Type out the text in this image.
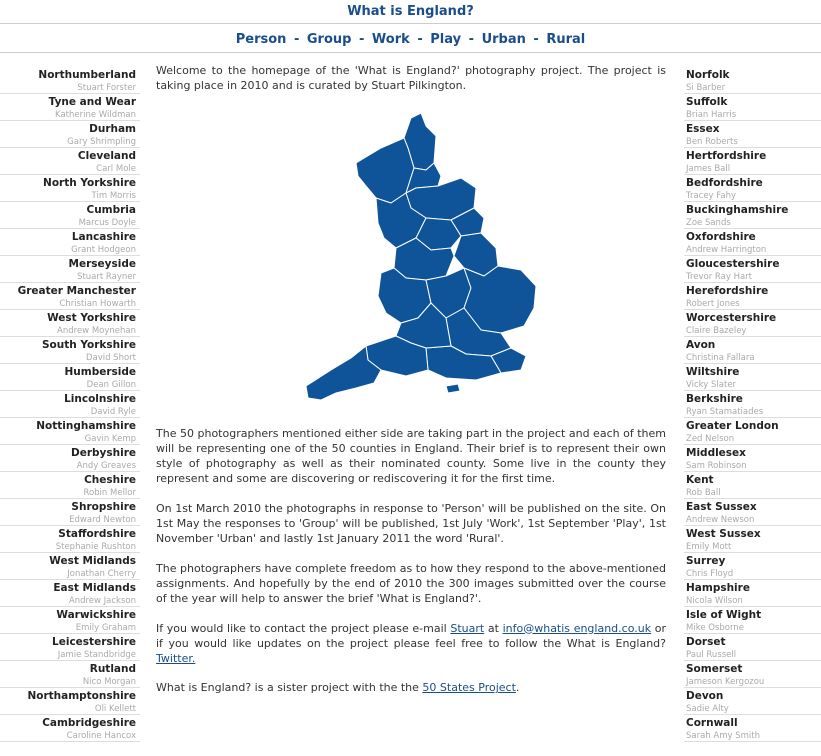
What is England?
Person - Group - Work - Play - Urban - Rural
Northumberland
Stuart Forster
Tyne and Wear
Katherine Wildman
Durham
Gary Shrimpling
Cleveland
Carl Mole
North Yorkshire
Tim Morris
Cumbria
Marcus Doyle
Lancashire
Grant Hodgeon
Merseyside
Stuart Rayner
Greater Manchester
Christian Howarth
West Yorkshire
Andrew Moynehan
South Yorkshire
David Short
Humberside
Dean Gillon
Lincolnshire
David Ryle
Nottinghamshire
Gavin Kemp
Derbyshire
Andy Greaves
Cheshire
Robin Mellor
Shropshire
Edward Newton
Staffordshire
Stephanie Rushton
West Midlands
Jonathan Cherry
East Midlands
Andrew Jackson
Warwickshire
Emily Graham
Leicestershire
Jamie Standbridge
Rutland
Nico Morgan
Northamptonshire
Oli Kellett
Cambridgeshire
Caroline Hancox
Norfolk
Si Barber
Suffolk
Brian Harris
Essex
Ben Roberts
Hertfordshire
James Ball
Bedfordshire
Tracey Fahy
Buckinghamshire
Zoe Sands
Oxfordshire
Andrew Harrington
Gloucestershire
Trevor Ray Hart
Herefordshire
Robert Jones
Worcestershire
Claire Bazeley
Avon
Christina Fallara
Wiltshire
Vicky Slater
Berkshire
Ryan Stamatiades
Greater London
Zed Nelson
Middlesex
Sam Robinson
Kent
Rob Ball
East Sussex
Andrew Newson
West Sussex
Emily Mott
Surrey
Chris Floyd
Hampshire
Nicola Wilson
Isle of Wight
Mike Osborne
Dorset
Paul Russell
Somerset
Jameson Kergozou
Devon
Sadie Alty
Cornwall
Sarah Amy Smith

Welcome to the homepage of the 'What is England?' photography project. The project is taking place in 2010 and is curated by Stuart Pilkington.

The 50 photographers mentioned either side are taking part in the project and each of them will be representing one of the 50 counties in England. Their brief is to represent their own style of photography as well as their nominated county. Some live in the county they represent and some are discovering or rediscovering it for the first time.

On 1st March 2010 the photographs in response to 'Person' will be published on the site. On 1st May the responses to 'Group' will be published, 1st July 'Work', 1st September 'Play', 1st November 'Urban' and lastly 1st January 2011 the word 'Rural'.

The photographers have complete freedom as to how they respond to the above-mentioned assignments. And hopefully by the end of 2010 the 300 images submitted over the course of the year will help to answer the brief 'What is England?'.

If you would like to contact the project please e-mail Stuart at info@whatis england.co.uk or if you would like updates on the project please feel free to follow the What is England? Twitter.

What is England? is a sister project with the the 50 States Project.
